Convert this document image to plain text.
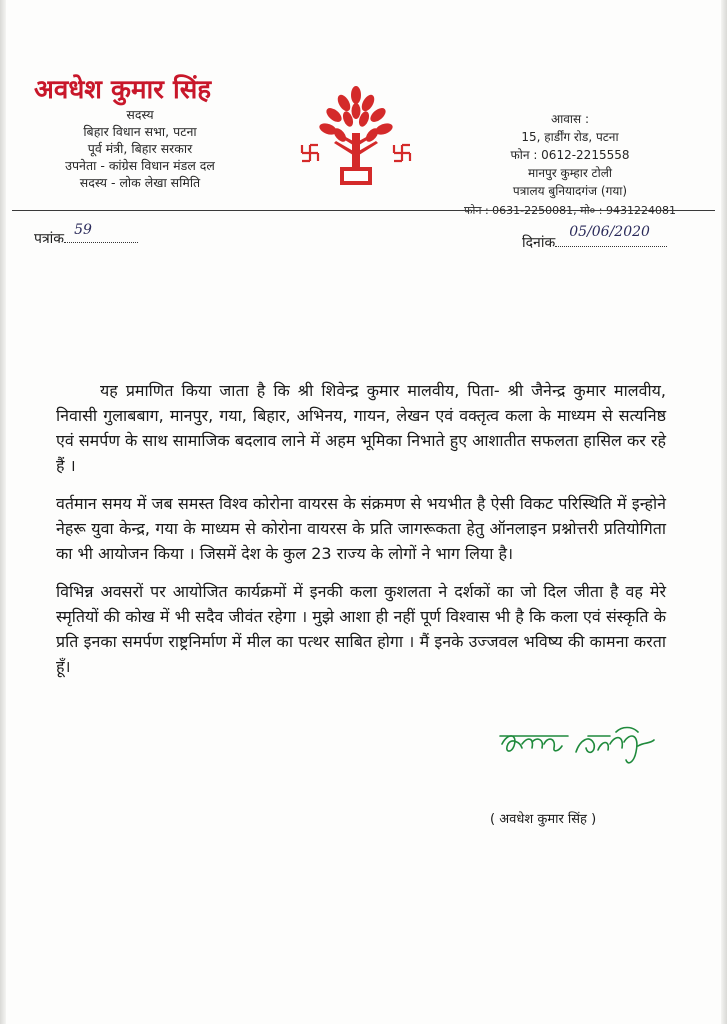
अवधेश कुमार सिंह
सदस्य
बिहार विधान सभा, पटना
पूर्व मंत्री, बिहार सरकार
उपनेता - कांग्रेस विधान मंडल दल
सदस्य - लोक लेखा समिति
आवास :
15, हार्डींग रोड, पटना
फोन : 0612-2215558
मानपुर कुम्हार टोली
पत्रालय बुनियादगंज (गया)
फोन : 0631-2250081, मो० : 9431224081
पत्रांक
59
दिनांक
05/06/2020

यह प्रमाणित किया जाता है कि श्री शिवेन्द्र कुमार मालवीय, पिता- श्री जैनेन्द्र कुमार मालवीय, निवासी गुलाबबाग, मानपुर, गया, बिहार, अभिनय, गायन, लेखन एवं वक्तृत्व कला के माध्यम से सत्यनिष्ठ एवं समर्पण के साथ सामाजिक बदलाव लाने में अहम भूमिका निभाते हुए आशातीत सफलता हासिल कर रहे हैं ।

वर्तमान समय में जब समस्त विश्व कोरोना वायरस के संक्रमण से भयभीत है ऐसी विकट परिस्थिति में इन्होने नेहरू युवा केन्द्र, गया के माध्यम से कोरोना वायरस के प्रति जागरूकता हेतु ऑनलाइन प्रश्नोत्तरी प्रतियोगिता का भी आयोजन किया । जिसमें देश के कुल 23 राज्य के लोगों ने भाग लिया है।

विभिन्न अवसरों पर आयोजित कार्यक्रमों में इनकी कला कुशलता ने दर्शकों का जो दिल जीता है वह मेरे स्मृतियों की कोख में भी सदैव जीवंत रहेगा । मुझे आशा ही नहीं पूर्ण विश्वास भी है कि कला एवं संस्कृति के प्रति इनका समर्पण राष्ट्रनिर्माण में मील का पत्थर साबित होगा । मैं इनके उज्जवल भविष्य की कामना करता हूँ।

( अवधेश कुमार सिंह )
